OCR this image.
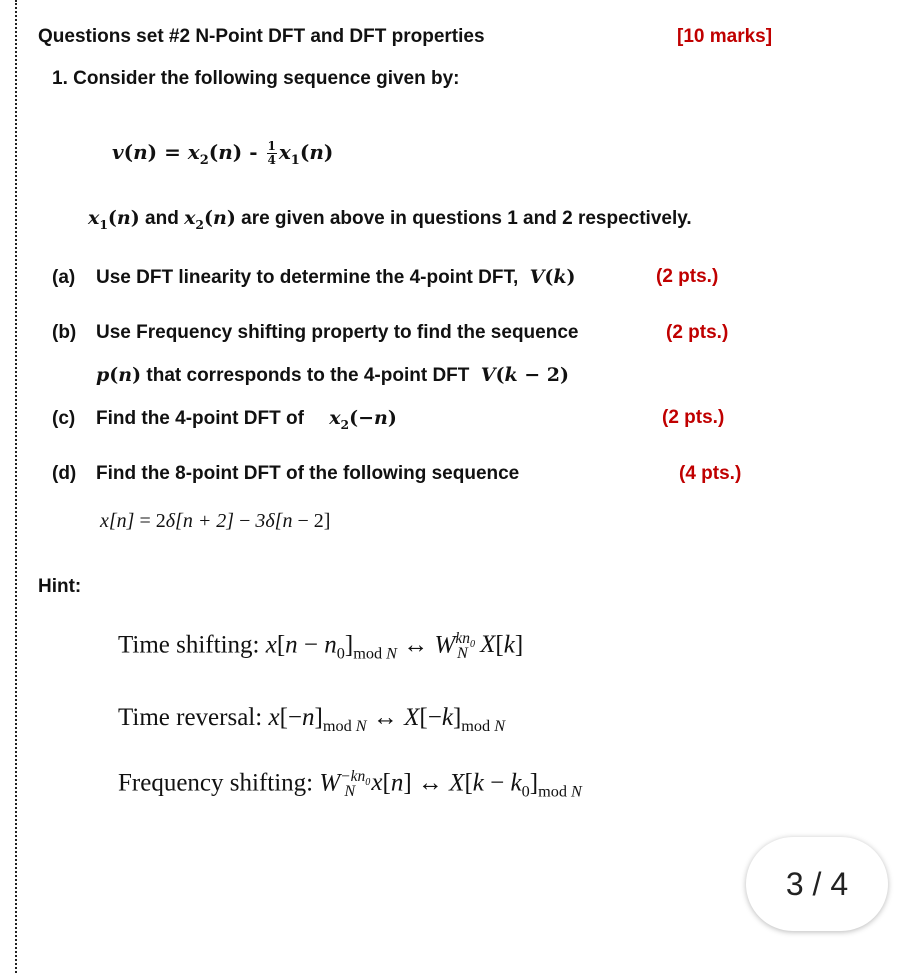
Questions set #2 N-Point DFT and DFT properties	[10 marks]
1. Consider the following sequence given by:
$v(n) = x_2(n) - \frac{1}{4} x_1(n)$
$x_1(n)$ and $x_2(n)$ are given above in questions 1 and 2 respectively.
(a) Use DFT linearity to determine the 4-point DFT, V(k)	(2 pts.)
(b) Use Frequency shifting property to find the sequence	(2 pts.)
p(n) that corresponds to the 4-point DFT V(k − 2)
(c) Find the 4-point DFT of $x_2(-n)$	(2 pts.)
(d) Find the 8-point DFT of the following sequence	(4 pts.)
x[n] = 2δ[n + 2] − 3δ[n − 2]
Hint:
Time shifting: $x[n - n_0]_{mod N}$ ↔ $W^{kn_0}_N$ X[k]
Time reversal: $x[-n]_{mod N}$ ↔ $X[-k]_{mod N}$
Frequency shifting: $W^{-kn_0}_N$ x[n] ↔ $X[k - k_0]_{mod N}$
3 / 4
